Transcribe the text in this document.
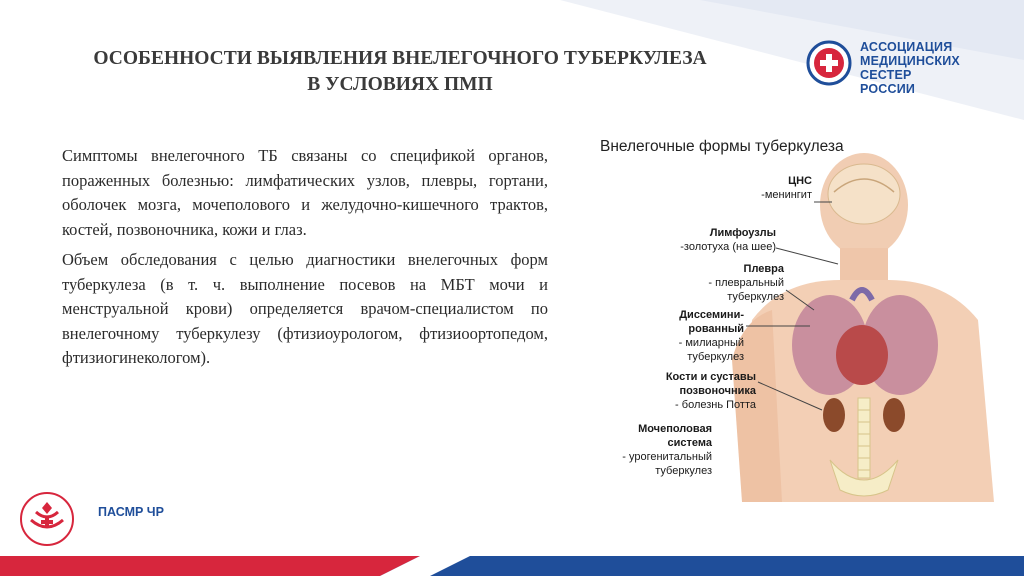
ОСОБЕННОСТИ ВЫЯВЛЕНИЯ ВНЕЛЕГОЧНОГО ТУБЕРКУЛЕЗА
В УСЛОВИЯХ ПМП
АССОЦИАЦИЯ
МЕДИЦИНСКИХ СЕСТЕР
РОССИИ

Симптомы внелегочного ТБ связаны со спецификой органов, пораженных болезнью: лимфатических узлов, плевры, гортани, оболочек мозга, мочеполового и желудочно-кишечного трактов, костей, позвоночника, кожи и глаз.

Объем обследования с целью диагностики внелегочных форм туберкулеза (в т. ч. выполнение посевов на МБТ мочи и менструальной крови) определяется врачом-специалистом по внелегочному туберкулезу (фтизиоурологом, фтизиоортопедом, фтизиогинекологом).

Внелегочные формы туберкулеза
ЦНС
-менингит
Лимфоузлы
-золотуха (на шее)
Плевра
- плевральный
туберкулез
Диссемини-
рованный
- милиарный
туберкулез
Кости и суставы
позвоночника
- болезнь Потта
Мочеполовая
система
- урогенитальный
туберкулез
ПАСМР ЧР
